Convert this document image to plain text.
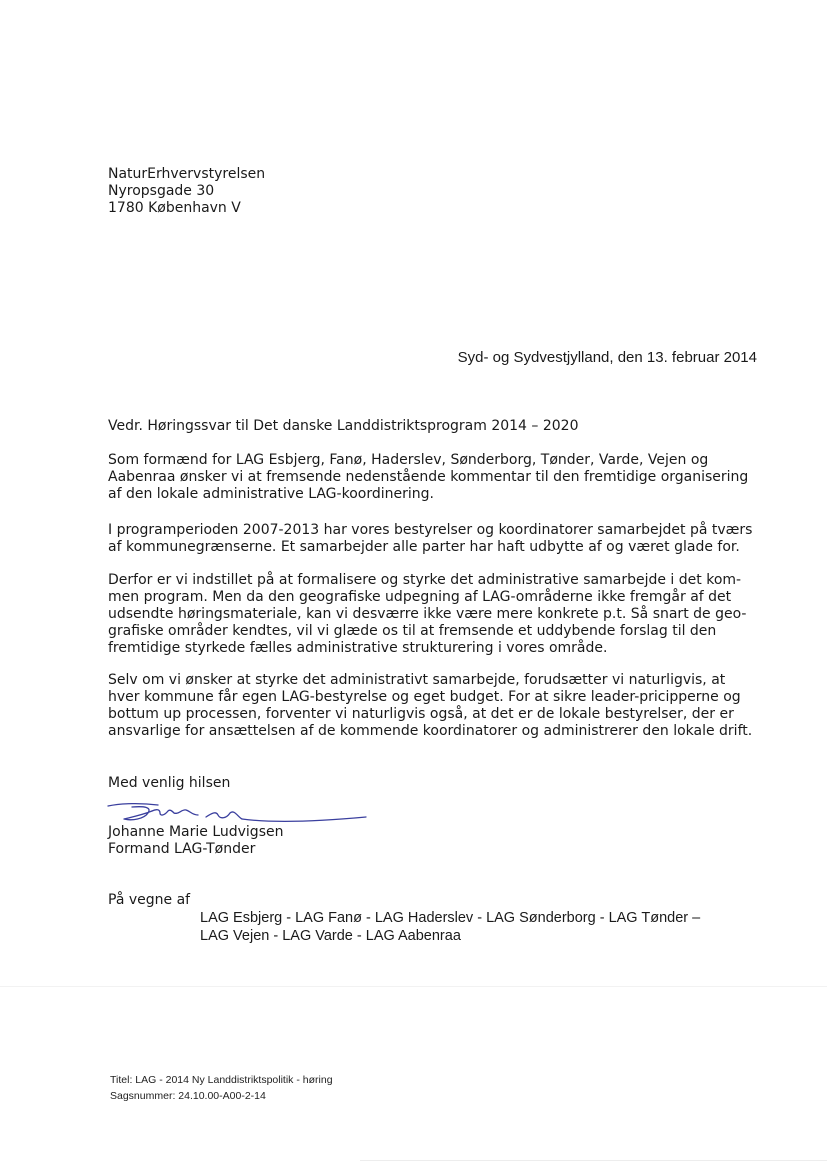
NaturErhvervstyrelsen
Nyropsgade 30
1780 København V
Syd- og Sydvestjylland, den 13. februar 2014
Vedr. Høringssvar til Det danske Landdistriktsprogram 2014 – 2020
Som formænd for LAG Esbjerg, Fanø, Haderslev, Sønderborg, Tønder, Varde, Vejen og
Aabenraa ønsker vi at fremsende nedenstående kommentar til den fremtidige organisering
af den lokale administrative LAG-koordinering.
I programperioden 2007-2013 har vores bestyrelser og koordinatorer samarbejdet på tværs
af kommunegrænserne. Et samarbejder alle parter har haft udbytte af og været glade for.
Derfor er vi indstillet på at formalisere og styrke det administrative samarbejde i det kom-
men program. Men da den geografiske udpegning af LAG-områderne ikke fremgår af det
udsendte høringsmateriale, kan vi desværre ikke være mere konkrete p.t. Så snart de geo-
grafiske områder kendtes, vil vi glæde os til at fremsende et uddybende forslag til den
fremtidige styrkede fælles administrative strukturering i vores område.
Selv om vi ønsker at styrke det administrativt samarbejde, forudsætter vi naturligvis, at
hver kommune får egen LAG-bestyrelse og eget budget. For at sikre leader-pricipperne og
bottum up processen, forventer vi naturligvis også, at det er de lokale bestyrelser, der er
ansvarlige for ansættelsen af de kommende koordinatorer og administrerer den lokale drift.
Med venlig hilsen
Johanne Marie Ludvigsen
Formand LAG-Tønder
På vegne af
LAG Esbjerg - LAG Fanø - LAG Haderslev - LAG Sønderborg - LAG Tønder –
LAG Vejen - LAG Varde - LAG Aabenraa
Titel: LAG - 2014 Ny Landdistriktspolitik - høring
Sagsnummer: 24.10.00-A00-2-14
